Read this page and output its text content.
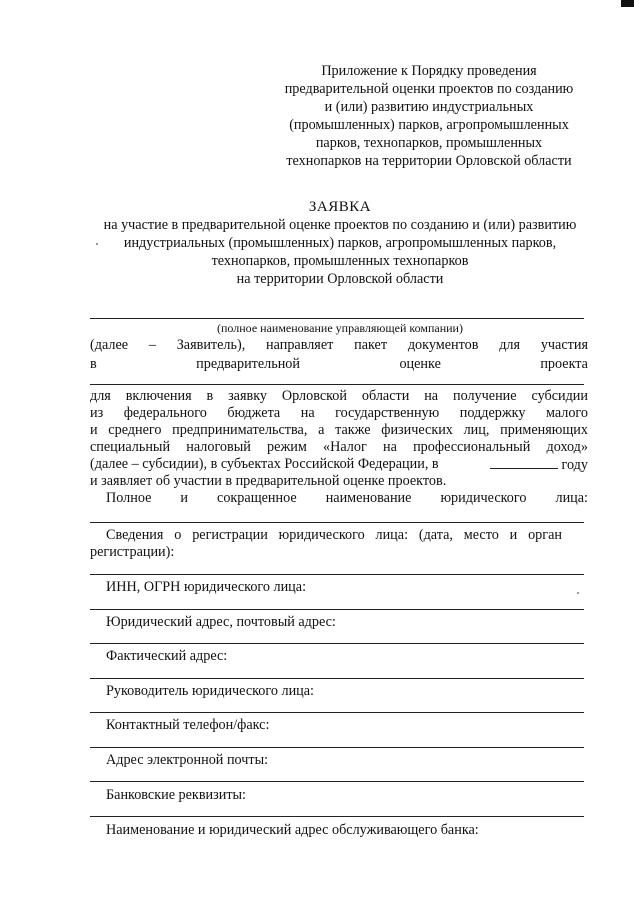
Приложение к Порядку проведения
предварительной оценки проектов по созданию
и (или) развитию индустриальных
(промышленных) парков, агропромышленных
парков, технопарков, промышленных
технопарков на территории Орловской области
ЗАЯВКА
на участие в предварительной оценке проектов по созданию и (или) развитию
индустриальных (промышленных) парков, агропромышленных парков,
технопарков, промышленных технопарков
на территории Орловской области
(полное наименование управляющей компании)
(далее – Заявитель), направляет пакет документов для участия
в	предварительной	оценке	проекта
для включения в заявку Орловской области на получение субсидии
из федерального бюджета на государственную поддержку малого
и среднего предпринимательства, а также физических лиц, применяющих
специальный налоговый режим «Налог на профессиональный доход»
(далее – субсидии), в субъектах Российской Федерации, в	году
и заявляет об участии в предварительной оценке проектов.
Полное и сокращенное наименование юридического лица:
Сведения о регистрации юридического лица: (дата, место и орган
регистрации):
ИНН, ОГРН юридического лица:
Юридический адрес, почтовый адрес:
Фактический адрес:
Руководитель юридического лица:
Контактный телефон/факс:
Адрес электронной почты:
Банковские реквизиты:
Наименование и юридический адрес обслуживающего банка:
